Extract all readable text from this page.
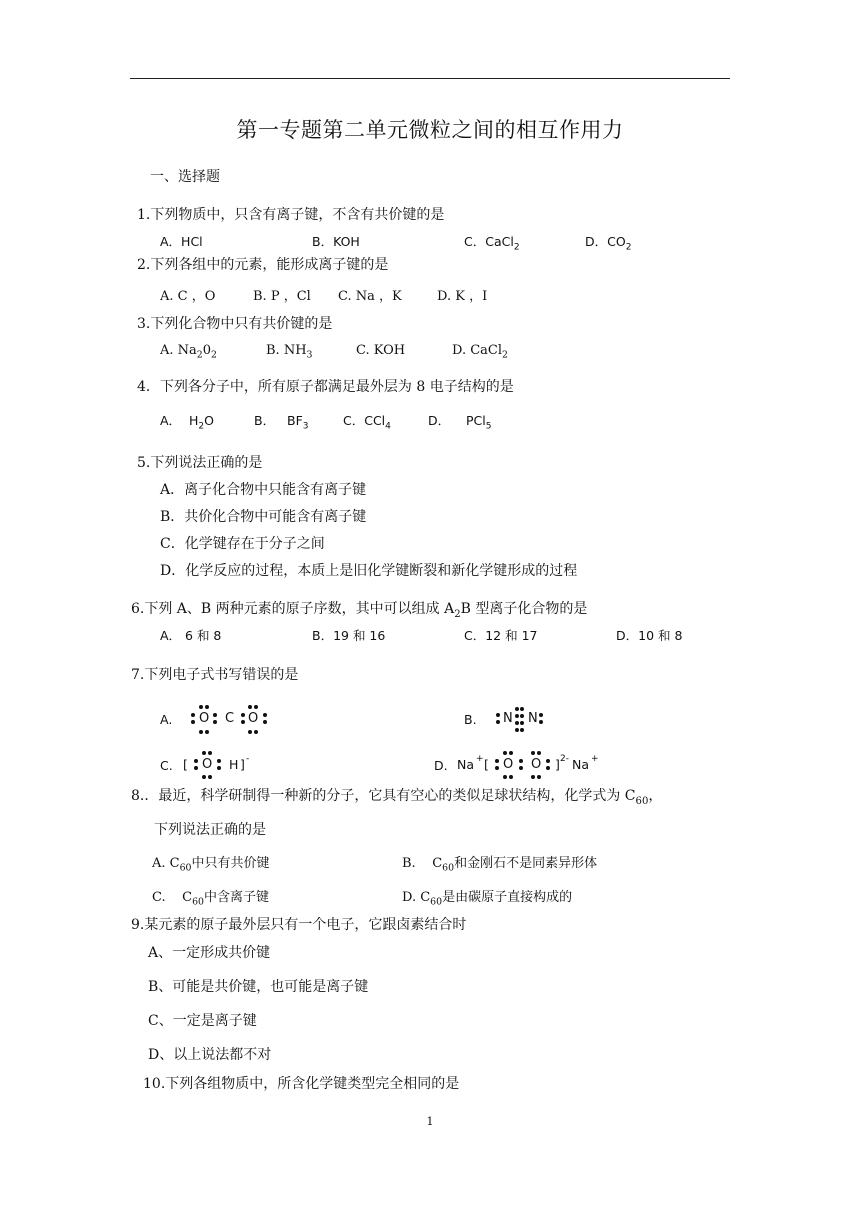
第一专题第二单元微粒之间的相互作用力
一、选择题
1.下列物质中，只含有离子键，不含有共价键的是
A．HCl	B．KOH	C．CaCl$_2$	D．$CO_2$
2.下列各组中的元素，能形成离子键的是
A. C ，O	B. P ，Cl C. Na ，K	D. K ，I
3.下列化合物中只有共价键的是
A. $Na_20_2$	B. $NH_3$	C. KOH	D. CaCl$_2$
4．下列各分子中，所有原子都满足最外层为 8 电子结构的是
A．  $H_2O$	B．   $BF_3$	C．CCl$_4$	D．    PCl$_5$
5.下列说法正确的是
A．离子化合物中只能含有离子键
B．共价化合物中可能含有离子键
C．化学键存在于分子之间
D．化学反应的过程，本质上是旧化学键断裂和新化学键形成的过程
6.下列 A、B 两种元素的原子序数，其中可以组成 $A_2B$ 型离子化合物的是
A． 6 和 8	B．19 和 16	C．12 和 17	D．10 和 8
7.下列电子式书写错误的是
A. O C O	B. N N
C. [ O H ] -	D. Na + [ O O ] 2- Na +
8.．最近，科学研制得一种新的分子，它具有空心的类似足球状结构，化学式为 $C_{60}$，
下列说法正确的是
A. $C_{60}$中只有共价键	B.    $C_{60}$和金刚石不是同素异形体
C.    $C_{60}$中含离子键	D. $C_{60}$是由碳原子直接构成的
9.某元素的原子最外层只有一个电子，它跟卤素结合时
A、一定形成共价键
B、可能是共价键，也可能是离子键
C、一定是离子键
D、以上说法都不对
10.下列各组物质中，所含化学键类型完全相同的是
1
